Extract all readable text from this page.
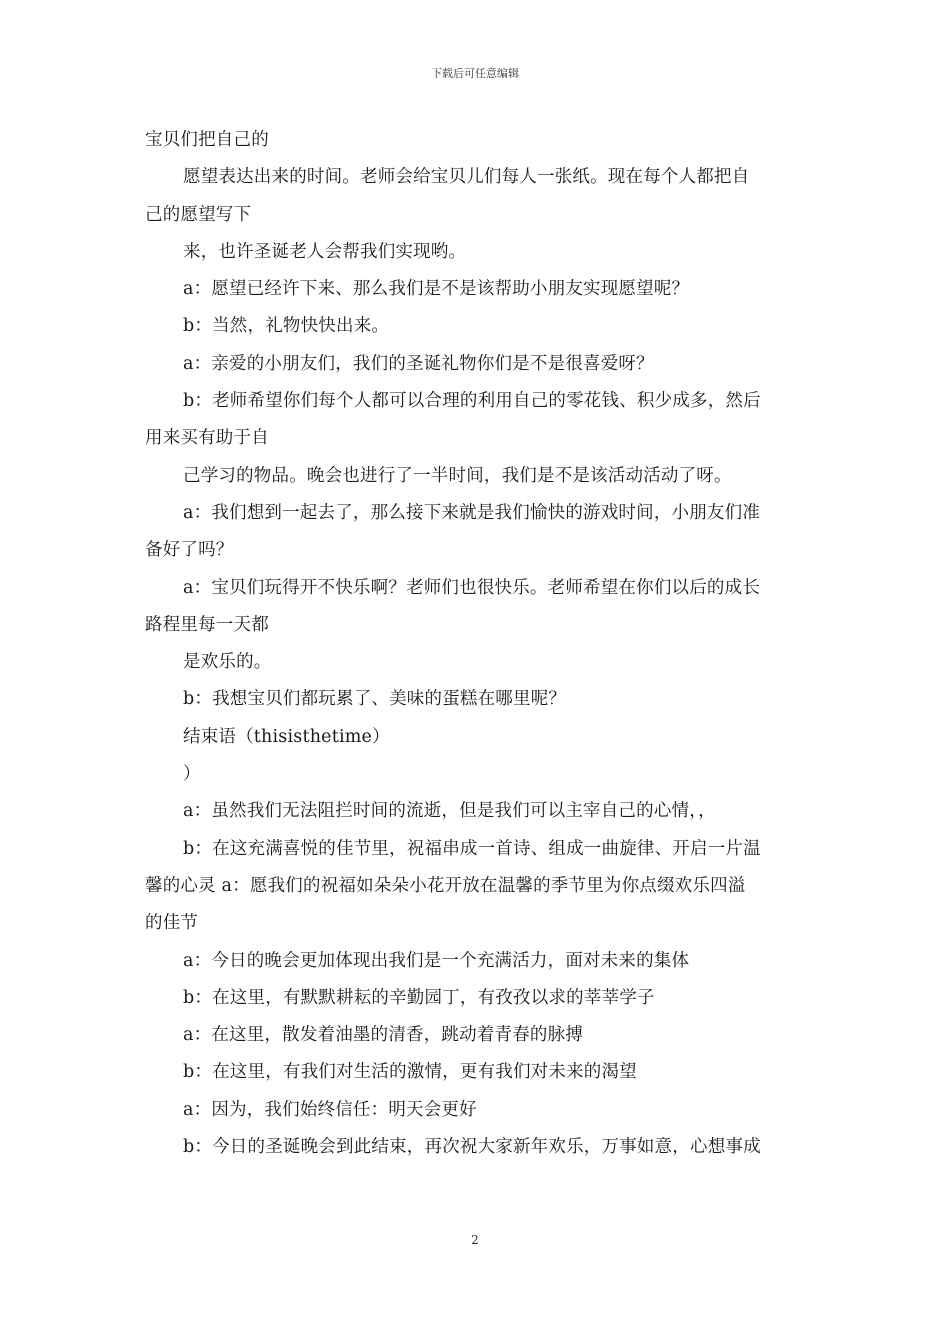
下载后可任意编辑
宝贝们把自己的
愿望表达出来的时间。老师会给宝贝儿们每人一张纸。现在每个人都把自
己的愿望写下
来，也许圣诞老人会帮我们实现哟。
a：愿望已经许下来、那么我们是不是该帮助小朋友实现愿望呢？
b：当然，礼物快快出来。
a：亲爱的小朋友们，我们的圣诞礼物你们是不是很喜爱呀？
b：老师希望你们每个人都可以合理的利用自己的零花钱、积少成多，然后
用来买有助于自
己学习的物品。晚会也进行了一半时间，我们是不是该活动活动了呀。
a：我们想到一起去了，那么接下来就是我们愉快的游戏时间，小朋友们准
备好了吗？
a：宝贝们玩得开不快乐啊？老师们也很快乐。老师希望在你们以后的成长
路程里每一天都
是欢乐的。
b：我想宝贝们都玩累了、美味的蛋糕在哪里呢？
结束语（thisisthetime）
）
a：虽然我们无法阻拦时间的流逝，但是我们可以主宰自己的心情，，
b：在这充满喜悦的佳节里，祝福串成一首诗、组成一曲旋律、开启一片温
馨的心灵 a：愿我们的祝福如朵朵小花开放在温馨的季节里为你点缀欢乐四溢
的佳节
a：今日的晚会更加体现出我们是一个充满活力，面对未来的集体
b：在这里，有默默耕耘的辛勤园丁，有孜孜以求的莘莘学子
a：在这里，散发着油墨的清香，跳动着青春的脉搏
b：在这里，有我们对生活的激情，更有我们对未来的渴望
a：因为，我们始终信任：明天会更好
b：今日的圣诞晚会到此结束，再次祝大家新年欢乐，万事如意，心想事成
2
